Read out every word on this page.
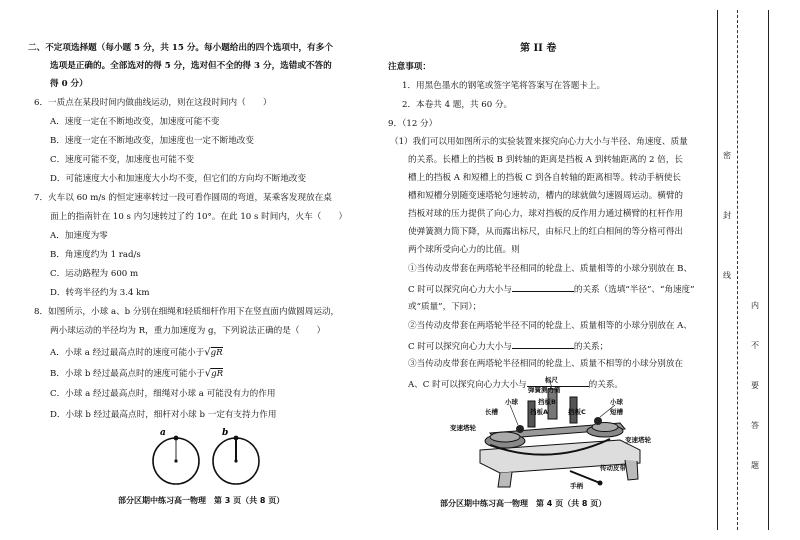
二、不定项选择题（每小题 5 分，共 15 分。每小题给出的四个选项中，有多个
选项是正确的。全部选对的得 5 分，选对但不全的得 3 分，选错或不答的
得 0 分）
6．一质点在某段时间内做曲线运动，则在这段时间内（　　）
A．速度一定在不断地改变，加速度可能不变
B．速度一定在不断地改变，加速度也一定不断地改变
C．速度可能不变，加速度也可能不变
D．可能速度大小和加速度大小均不变，但它们的方向均不断地改变
7．火车以 60 m/s 的恒定速率转过一段可看作圆周的弯道，某乘客发现放在桌
面上的指南针在 10 s 内匀速转过了约 10°。在此 10 s 时间内，火车（　　）
A．加速度为零
B．角速度约为 1 rad/s
C．运动路程为 600 m
D．转弯半径约为 3.4 km
8．如图所示，小球 a、b 分别在细绳和轻质细杆作用下在竖直面内做圆周运动，
两小球运动的半径均为 R，重力加速度为 g，下列说法正确的是（　　）
A．小球 a 经过最高点时的速度可能小于√gR
B．小球 b 经过最高点时的速度可能小于√gR
C．小球 a 经过最高点时，细绳对小球 a 可能没有力的作用
D．小球 b 经过最高点时，细杆对小球 b 一定有支持力作用
a	b
部分区期中练习高一物理　第 3 页（共 8 页）
第 II 卷
注意事项：
1．用黑色墨水的钢笔或签字笔将答案写在答题卡上。
2．本卷共 4 题，共 60 分。
9．（12 分）
（1）我们可以用如图所示的实验装置来探究向心力大小与半径、角速度、质量
的关系。长槽上的挡板 B 到转轴的距离是挡板 A 到转轴距离的 2 倍，长
槽上的挡板 A 和短槽上的挡板 C 到各自转轴的距离相等。转动手柄使长
槽和短槽分别随变速塔轮匀速转动，槽内的球就做匀速圆周运动。横臂的
挡板对球的压力提供了向心力，球对挡板的反作用力通过横臂的杠杆作用
使弹簧测力筒下降，从而露出标尺，由标尺上的红白相间的等分格可得出
两个球所受向心力的比值。则
①当传动皮带套在两塔轮半径相同的轮盘上、质量相等的小球分别放在 B、
C 时可以探究向心力大小与	的关系（选填“半径”、“角速度”
或“质量”，下同）；
②当传动皮带套在两塔轮半径不同的轮盘上、质量相等的小球分别放在 A、
C 时可以探究向心力大小与	的关系；
③当传动皮带套在两塔轮半径相同的轮盘上、质量不相等的小球分别放在
A、C 时可以探究向心力大小与	的关系。
标尺
弹簧测力筒
小球
长槽
挡板B
挡板A	挡板C
小球
短槽
变速塔轮
变速塔轮
传动皮带
手柄
部分区期中练习高一物理　第 4 页（共 8 页）
密
封
线
内
不
要
答
题
